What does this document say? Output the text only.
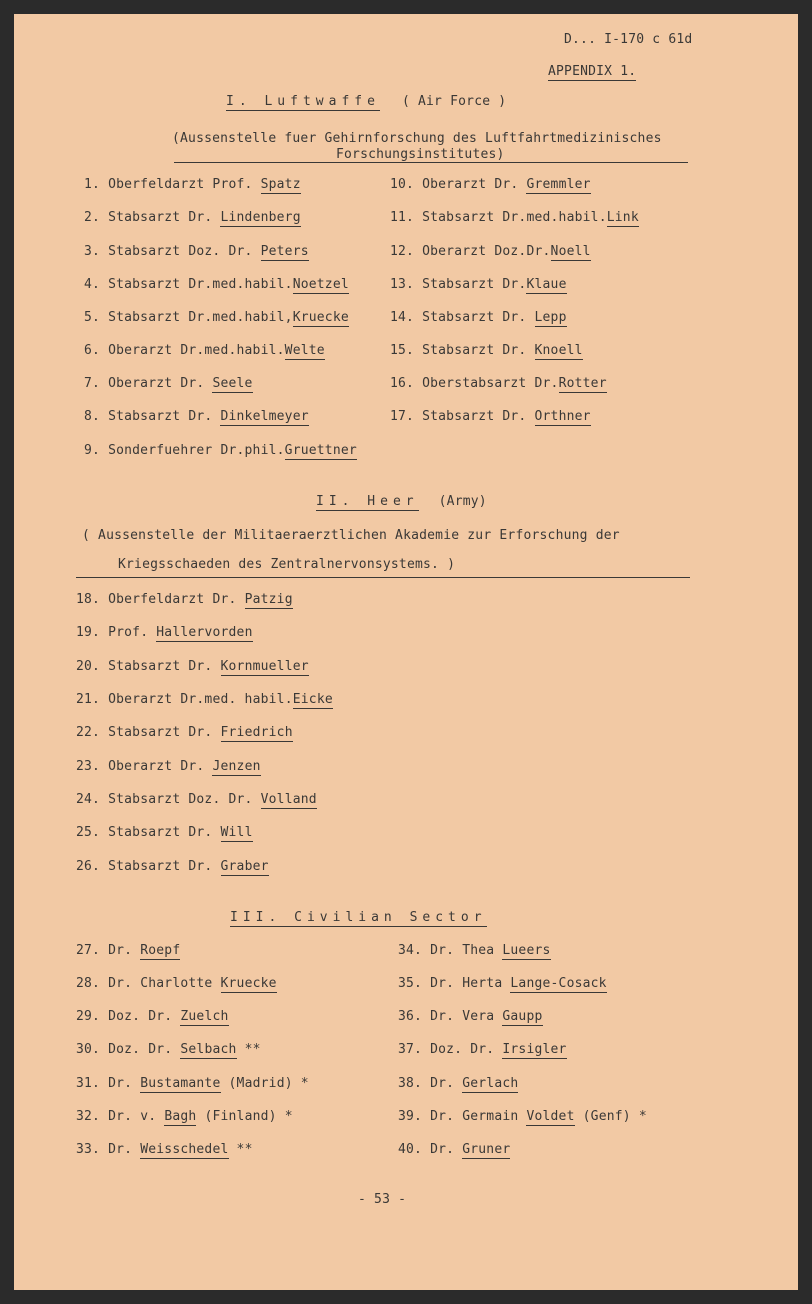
D... I-170 c 61d
APPENDIX 1.
I. Luftwaffe ( Air Force )
(Aussenstelle fuer Gehirnforschung des Luftfahrtmedizinisches
Forschungsinstitutes)
1. Oberfeldarzt Prof. Spatz
2. Stabsarzt Dr. Lindenberg
3. Stabsarzt Doz. Dr. Peters
4. Stabsarzt Dr.med.habil.Noetzel
5. Stabsarzt Dr.med.habil,Kruecke
6. Oberarzt Dr.med.habil.Welte
7. Oberarzt Dr. Seele
8. Stabsarzt Dr. Dinkelmeyer
9. Sonderfuehrer Dr.phil.Gruettner
10. Oberarzt Dr. Gremmler
11. Stabsarzt Dr.med.habil.Link
12. Oberarzt Doz.Dr.Noell
13. Stabsarzt Dr.Klaue
14. Stabsarzt Dr. Lepp
15. Stabsarzt Dr. Knoell
16. Oberstabsarzt Dr.Rotter
17. Stabsarzt Dr. Orthner
II. Heer (Army)
( Aussenstelle der Militaeraerztlichen Akademie zur Erforschung der
Kriegsschaeden des Zentralnervonsystems. )
18. Oberfeldarzt Dr. Patzig
19. Prof. Hallervorden
20. Stabsarzt Dr. Kornmueller
21. Oberarzt Dr.med. habil.Eicke
22. Stabsarzt Dr. Friedrich
23. Oberarzt Dr. Jenzen
24. Stabsarzt Doz. Dr. Volland
25. Stabsarzt Dr. Will
26. Stabsarzt Dr. Graber
III. Civilian Sector
27. Dr. Roepf
28. Dr. Charlotte Kruecke
29. Doz. Dr. Zuelch
30. Doz. Dr. Selbach **
31. Dr. Bustamante (Madrid) *
32. Dr. v. Bagh (Finland) *
33. Dr. Weisschedel **
34. Dr. Thea Lueers
35. Dr. Herta Lange-Cosack
36. Dr. Vera Gaupp
37. Doz. Dr. Irsigler
38. Dr. Gerlach
39. Dr. Germain Voldet (Genf) *
40. Dr. Gruner
- 53 -
